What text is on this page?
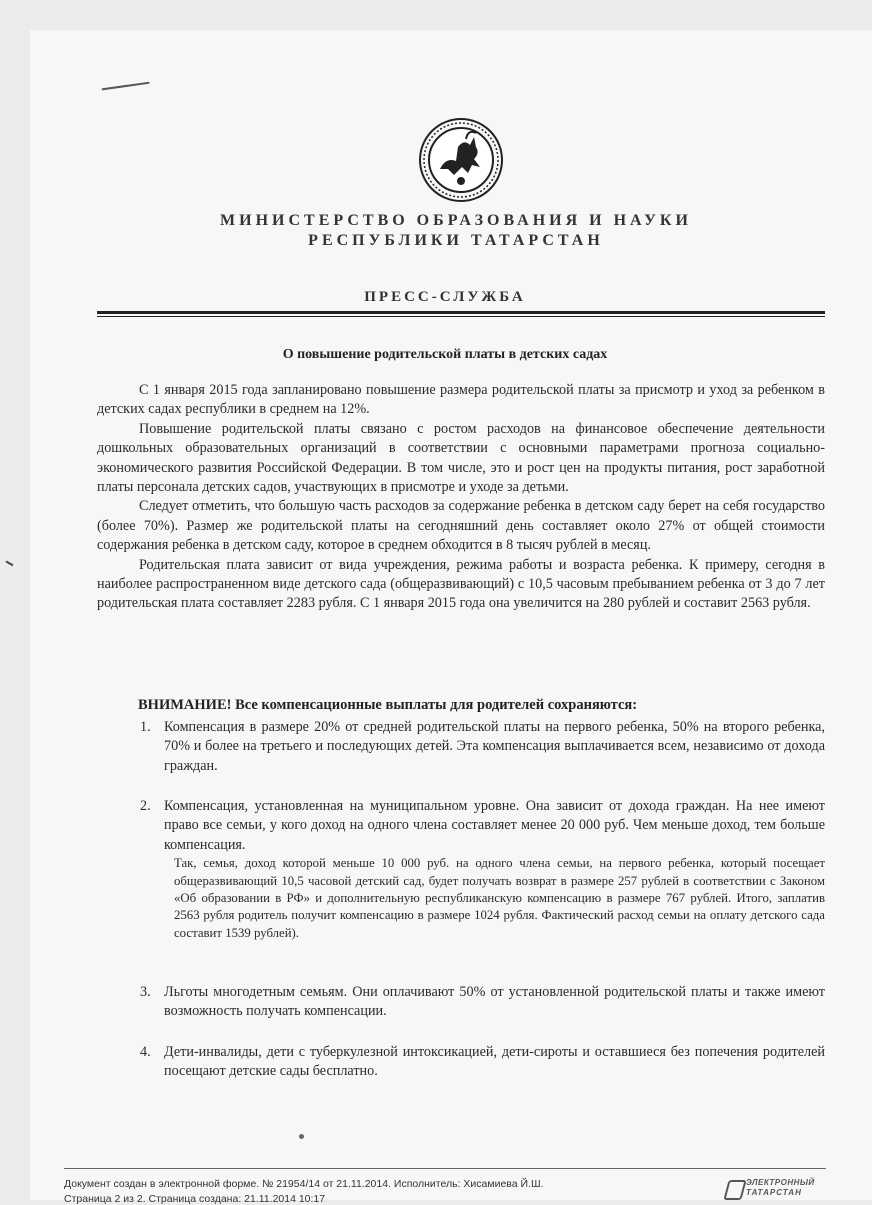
МИНИСТЕРСТВО ОБРАЗОВАНИЯ И НАУКИ
РЕСПУБЛИКИ ТАТАРСТАН
ПРЕСС-СЛУЖБА
О повышение родительской платы в детских садах

С 1 января 2015 года запланировано повышение размера родительской платы за присмотр и уход за ребенком в детских садах республики в среднем на 12%.

Повышение родительской платы связано с ростом расходов на финансовое обеспечение деятельности дошкольных образовательных организаций в соответствии с основными параметрами прогноза социально-экономического развития Российской Федерации. В том числе, это и рост цен на продукты питания, рост заработной платы персонала детских садов, участвующих в присмотре и уходе за детьми.

Следует отметить, что большую часть расходов за содержание ребенка в детском саду берет на себя государство (более 70%). Размер же родительской платы на сегодняшний день составляет около 27% от общей стоимости содержания ребенка в детском саду, которое в среднем обходится в 8 тысяч рублей в месяц.

Родительская плата зависит от вида учреждения, режима работы и возраста ребенка. К примеру, сегодня в наиболее распространенном виде детского сада (общеразвивающий) с 10,5 часовым пребыванием ребенка от 3 до 7 лет родительская плата составляет 2283 рубля. С 1 января 2015 года она увеличится на 280 рублей и составит 2563 рубля.

ВНИМАНИЕ! Все компенсационные выплаты для родителей сохраняются:
1. Компенсация в размере 20% от средней родительской платы на первого ребенка, 50% на второго ребенка, 70% и более на третьего и последующих детей. Эта компенсация выплачивается всем, независимо от дохода граждан.
2. Компенсация, установленная на муниципальном уровне. Она зависит от дохода граждан. На нее имеют право все семьи, у кого доход на одного члена составляет менее 20 000 руб. Чем меньше доход, тем больше компенсация.
Так, семья, доход которой меньше 10 000 руб. на одного члена семьи, на первого ребенка, который посещает общеразвивающий 10,5 часовой детский сад, будет получать возврат в размере 257 рублей в соответствии с Законом «Об образовании в РФ» и дополнительную республиканскую компенсацию в размере 767 рублей. Итого, заплатив 2563 рубля родитель получит компенсацию в размере 1024 рубля. Фактический расход семьи на оплату детского сада составит 1539 рублей).
3. Льготы многодетным семьям. Они оплачивают 50% от установленной родительской платы и также имеют возможность получать компенсации.
4. Дети-инвалиды, дети с туберкулезной интоксикацией, дети-сироты и оставшиеся без попечения родителей посещают детские сады бесплатно.
Документ создан в электронной форме. № 21954/14 от 21.11.2014. Исполнитель: Хисамиева Й.Ш.
Страница 2 из 2. Страница создана: 21.11.2014 10:17
ЭЛЕКТРОННЫЙ
ТАТАРСТАН
